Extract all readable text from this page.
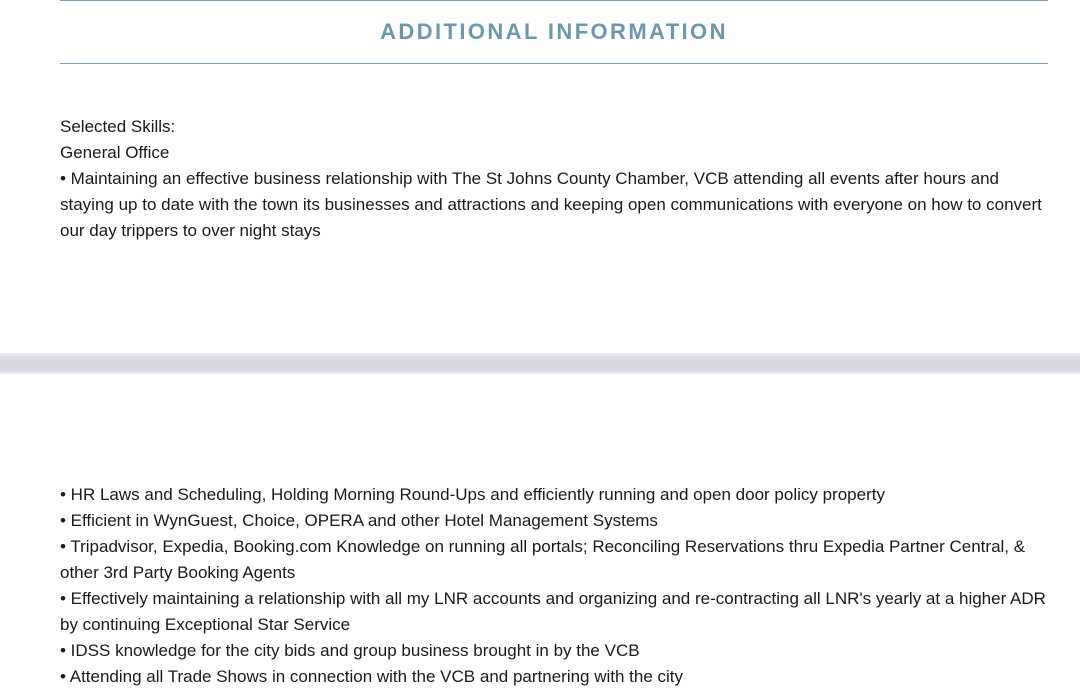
ADDITIONAL INFORMATION

Selected Skills:

General Office

• Maintaining an effective business relationship with The St Johns County Chamber, VCB attending all events after hours and staying up to date with the town its businesses and attractions and keeping open communications with everyone on how to convert our day trippers to over night stays

• HR Laws and Scheduling, Holding Morning Round-Ups and efficiently running and open door policy property

• Efficient in WynGuest, Choice, OPERA and other Hotel Management Systems

• Tripadvisor, Expedia, Booking.com Knowledge on running all portals; Reconciling Reservations thru Expedia Partner Central, & other 3rd Party Booking Agents

• Effectively maintaining a relationship with all my LNR accounts and organizing and re-contracting all LNR's yearly at a higher ADR by continuing Exceptional Star Service

• IDSS knowledge for the city bids and group business brought in by the VCB

• Attending all Trade Shows in connection with the VCB and partnering with the city
